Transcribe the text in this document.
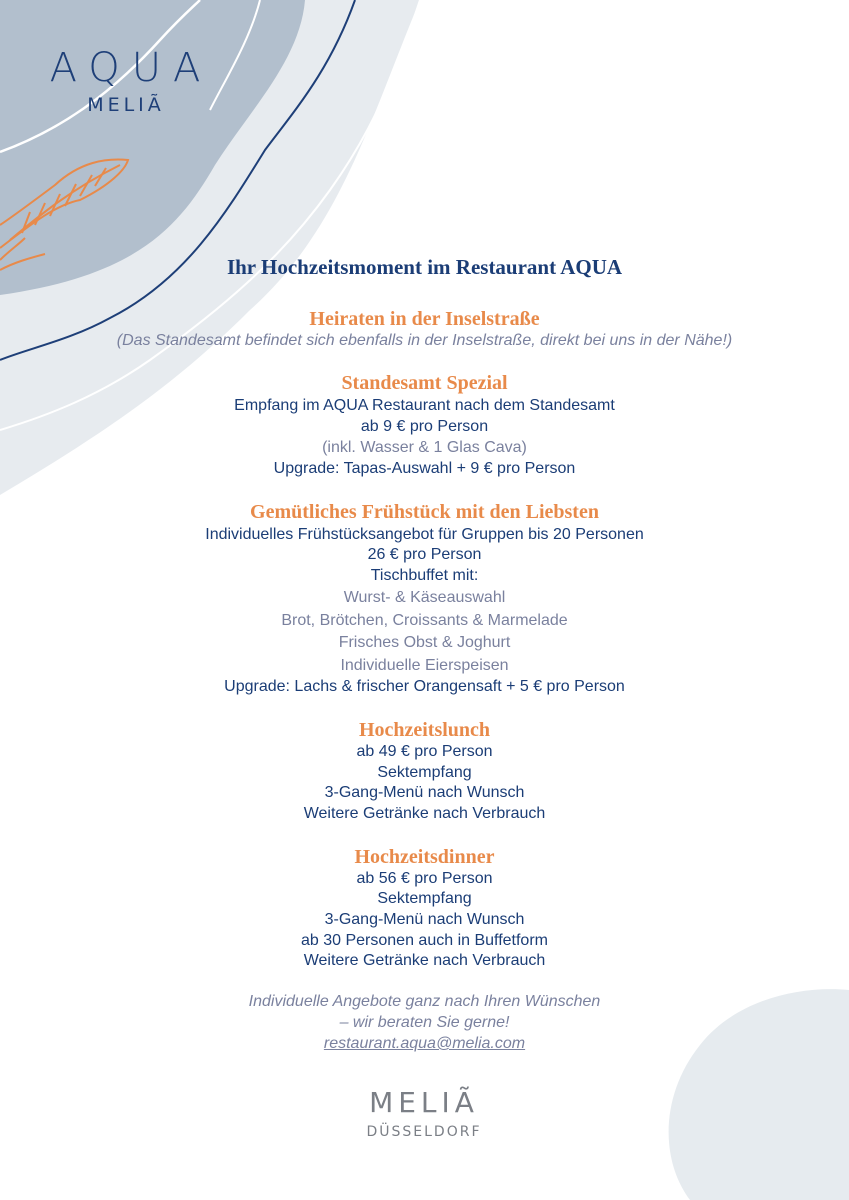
AQUA
MELIÃ
Ihr Hochzeitsmoment im Restaurant AQUA
Heiraten in der Inselstraße
(Das Standesamt befindet sich ebenfalls in der Inselstraße, direkt bei uns in der Nähe!)
Standesamt Spezial
Empfang im AQUA Restaurant nach dem Standesamt
ab 9 € pro Person
(inkl. Wasser & 1 Glas Cava)
Upgrade: Tapas-Auswahl + 9 € pro Person
Gemütliches Frühstück mit den Liebsten
Individuelles Frühstücksangebot für Gruppen bis 20 Personen
26 € pro Person
Tischbuffet mit:
Wurst- & Käseauswahl
Brot, Brötchen, Croissants & Marmelade
Frisches Obst & Joghurt
Individuelle Eierspeisen
Upgrade: Lachs & frischer Orangensaft + 5 € pro Person
Hochzeitslunch
ab 49 € pro Person
Sektempfang
3-Gang-Menü nach Wunsch
Weitere Getränke nach Verbrauch
Hochzeitsdinner
ab 56 € pro Person
Sektempfang
3-Gang-Menü nach Wunsch
ab 30 Personen auch in Buffetform
Weitere Getränke nach Verbrauch
Individuelle Angebote ganz nach Ihren Wünschen
– wir beraten Sie gerne!
restaurant.aqua@melia.com
MELIÃ
DÜSSELDORF
